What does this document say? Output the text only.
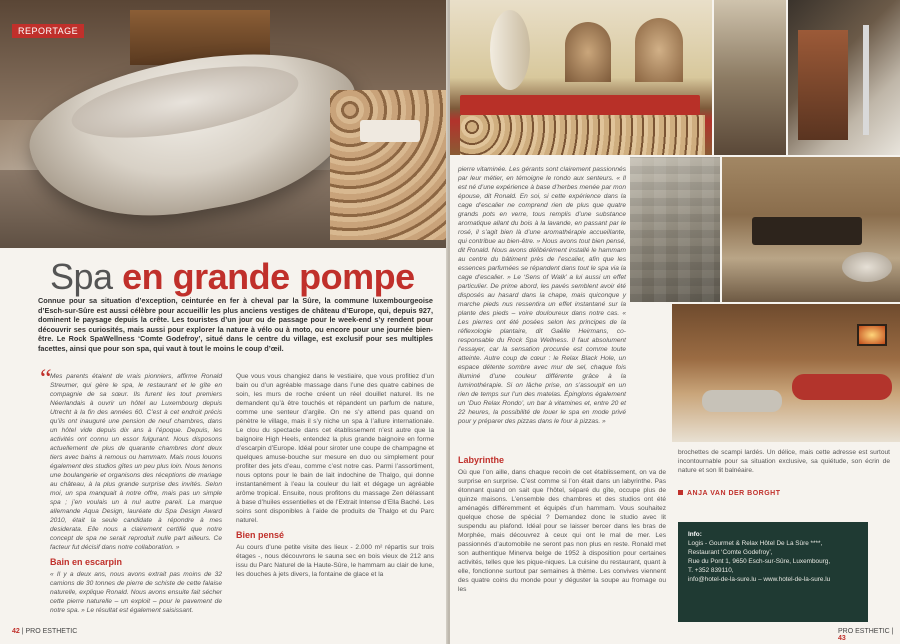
REPORTAGE
Spa en grande pompe
Connue pour sa situation d’exception, ceinturée en fer à cheval par la Sûre, la commune luxembourgeoise d’Esch-sur-Sûre est aussi célèbre pour accueillir les plus anciens vestiges de château d’Europe, qui, depuis 927, dominent le paysage depuis la crête. Les touristes d’un jour ou de passage pour le week-end s’y rendent pour découvrir ses curiosités, mais aussi pour explorer la nature à vélo ou à moto, ou encore pour une journée bien-être. Le Rock SpaWellness ‘Comte Godefroy’, situé dans le centre du village, est exclusif pour ses multiples facettes, ainsi que pour son spa, qui vaut à tout le moins le coup d’œil.
“

Mes parents étaient de vrais pionniers, affirme Ronald Streumer, qui gère le spa, le restaurant et le gîte en compagnie de sa sœur. Ils furent les tout premiers Néerlandais à ouvrir un hôtel au Luxembourg depuis Utrecht à la fin des années 60. C’est à cet endroit précis qu’ils ont inauguré une pension de neuf chambres, dans un hôtel vide depuis dix ans à l’époque. Depuis, les activités ont connu un essor fulgurant. Nous disposons actuellement de plus de quarante chambres dont deux tiers avec bains à remous ou hammam. Mais nous louons également des studios gîtes un peu plus loin. Nous tenons une boulangerie et organisons des réceptions de mariage au château, à la plus grande surprise des invités. Selon moi, un spa manquait à notre offre, mais pas un simple spa ; j’en voulais un à nul autre pareil. La marque allemande Aqua Design, lauréate du Spa Design Award 2010, était la seule candidate à répondre à mes desiderata. Elle nous a clairement certifié que notre concept de spa ne serait reproduit nulle part ailleurs. Ce facteur fut décisif dans notre collaboration. »

Bain en escarpin

« Il y a deux ans, nous avons extrait pas moins de 32 camions de 30 tonnes de pierre de schiste de cette falaise naturelle, explique Ronald. Nous avons ensuite fait sécher cette pierre naturelle – un exploit – pour le pavement de notre spa. » Le résultat est également saisissant.

Que vous vous changiez dans le vestiaire, que vous profitiez d’un bain ou d’un agréable massage dans l’une des quatre cabines de soin, les murs de roche créent un réel douillet naturel. Ils ne demandent qu’à être touchés et répandent un parfum de nature, comme une senteur d’argile. On ne s’y attend pas quand on pénètre le village, mais il s’y niche un spa à l’allure internationale. Le clou du spectacle dans cet établissement n’est autre que la baignoire High Heels, entendez la plus grande baignoire en forme d’escarpin d’Europe. Idéal pour siroter une coupe de champagne et quelques amuse-bouche sur mesure en duo ou simplement pour profiter des jets d’eau, comme c’est notre cas. Parmi l’assortiment, nous optons pour le bain de lait indochine de Thalgo, qui donne instantanément à l’eau la couleur du lait et dégage un agréable arôme tropical. Ensuite, nous profitons du massage Zen délassant à base d’huiles essentielles et de l’Extrait Intense d’Ella Baché. Les soins sont disponibles à l’aide de produits de Thalgo et du Parc naturel.

Bien pensé

Au cours d’une petite visite des lieux - 2.000 m² répartis sur trois étages -, nous découvrons le sauna sec en bois vieux de 212 ans issu du Parc Naturel de la Haute-Sûre, le hammam au clair de lune, les douches à jets divers, la fontaine de glace et la

42 | PRO ESTHETIC

pierre vitaminée. Les gérants sont clairement passionnés par leur métier, en témoigne le rondo aux senteurs. « Il est né d’une expérience à base d’herbes menée par mon épouse, dit Ronald. En soi, si cette expérience dans la cage d’escalier ne comprend rien de plus que quatre grands pots en verre, tous remplis d’une substance aromatique allant du bois à la lavande, en passant par le rosé, il s’agit bien là d’une aromathérapie accueillante, qui contribue au bien-être. » Nous avons tout bien pensé, dit Ronald. Nous avons délibérément installé le hammam au centre du bâtiment près de l’escalier, afin que les essences parfumées se répandent dans tout le spa via la cage d’escalier. » Le ‘Sens of Walk’ a lui aussi un effet particulier. De prime abord, les pavés semblent avoir été disposés au hasard dans la chape, mais quiconque y marche pieds nus ressentira un effet instantané sur la plante des pieds – voire douloureux dans notre cas. « Les pierres ont été posées selon les principes de la réflexologie plantaire, dit Gaëlle Heirmans, co-responsable du Rock Spa Wellness. Il faut absolument l’essayer, car la sensation procurée est comme toute atteinte. Autre coup de cœur : le Relax Black Hole, un espace détente sombre avec mur de sel, chaque fois illuminé d’une couleur différente grâce à la luminothérapie. Si on lâche prise, on s’assoupit en un rien de temps sur l’un des matelas. Épinglons également un ‘Duo Relax Rondo’, un bar à vitamines et, entre 20 et 22 heures, la possibilité de louer le spa en mode privé pour y préparer des pizzas dans le four à pizzas. »

Labyrinthe

Où que l’on aille, dans chaque recoin de cet établissement, on va de surprise en surprise. C’est comme si l’on était dans un labyrinthe. Pas étonnant quand on sait que l’hôtel, séparé du gîte, occupe plus de quinze maisons. L’ensemble des chambres et des studios ont été aménagés différemment et équipés d’un hammam. Vous souhaitez quelque chose de spécial ? Demandez donc le studio avec lit suspendu au plafond. Idéal pour se laisser bercer dans les bras de Morphée, mais découvrez à ceux qui ont le mal de mer. Les passionnés d’automobile ne seront pas non plus en reste. Ronald met son authentique Minerva belge de 1952 à disposition pour certaines activités, telles que les pique-niques. La cuisine du restaurant, quant à elle, fonctionne surtout par semaines à thème. Les convives viennent des quatre coins du monde pour y déguster la soupe au fromage ou les

brochettes de scampi lardés. Un délice, mais cette adresse est surtout incontournable pour sa situation exclusive, sa quiétude, son écrin de nature et son lit balnéaire.

PRO ESTHETIC | 43
ANJA VAN DER BORGHT
Info:
Logis - Gourmet & Relax Hôtel De La Sûre ****,
Restaurant ‘Comte Godefroy’,
Rue du Pont 1, 9650 Esch-sur-Sûre, Luxembourg,
T. +352 839110,
info@hotel-de-la-sure.lu – www.hotel-de-la-sure.lu
